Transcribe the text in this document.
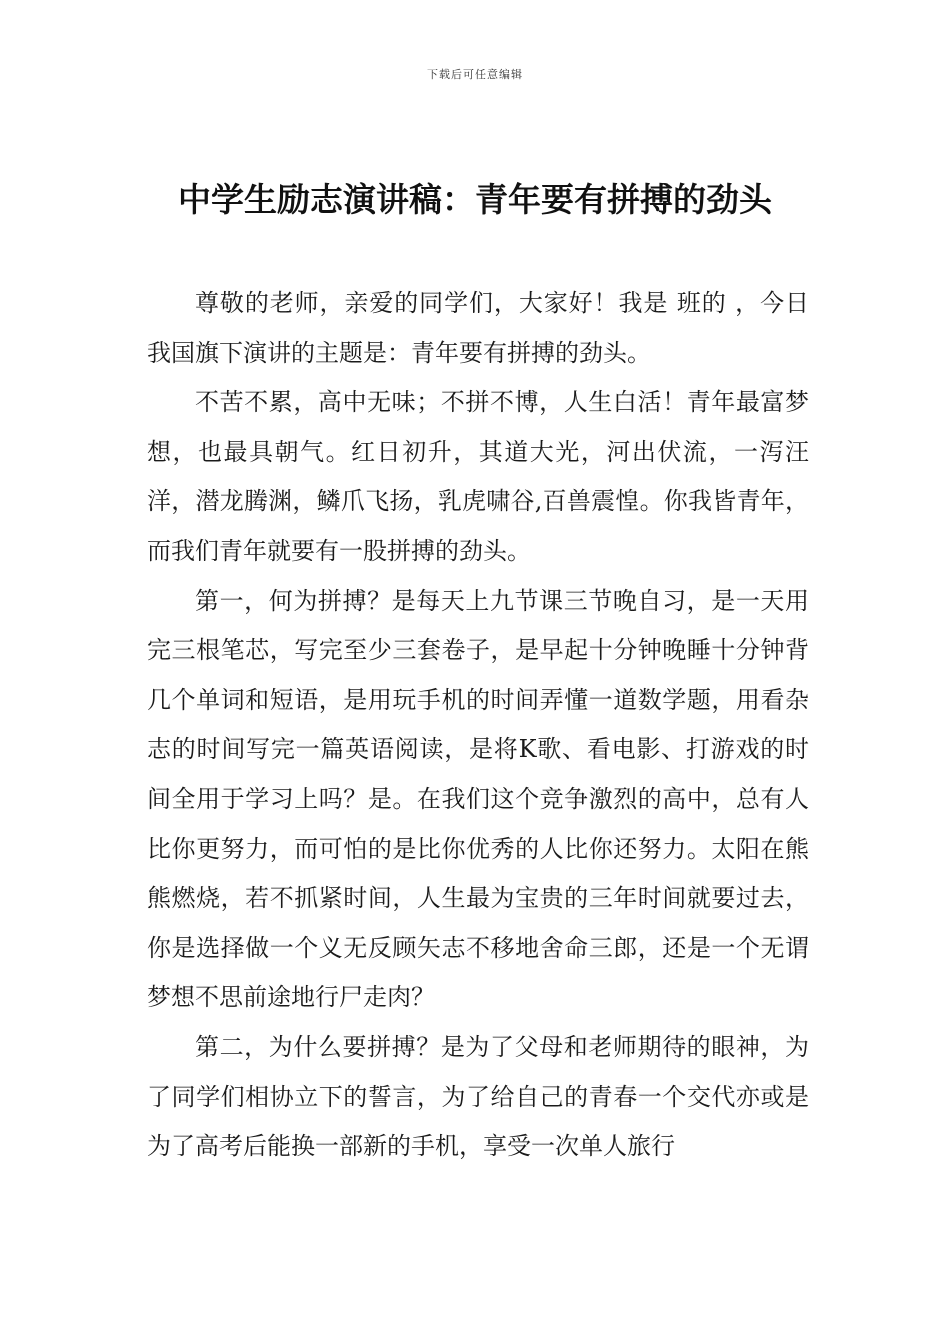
下载后可任意编辑
中学生励志演讲稿：青年要有拼搏的劲头

尊敬的老师，亲爱的同学们，大家好！我是 班的 ，今日我国旗下演讲的主题是：青年要有拼搏的劲头。

不苦不累，高中无味；不拼不博，人生白活！青年最富梦想，也最具朝气。红日初升，其道大光，河出伏流，一泻汪洋，潜龙腾渊，鳞爪飞扬，乳虎啸谷,百兽震惶。你我皆青年，而我们青年就要有一股拼搏的劲头。

第一，何为拼搏？是每天上九节课三节晚自习，是一天用完三根笔芯，写完至少三套卷子，是早起十分钟晚睡十分钟背几个单词和短语，是用玩手机的时间弄懂一道数学题，用看杂志的时间写完一篇英语阅读，是将K歌、看电影、打游戏的时间全用于学习上吗？是。在我们这个竞争激烈的高中，总有人比你更努力，而可怕的是比你优秀的人比你还努力。太阳在熊熊燃烧，若不抓紧时间，人生最为宝贵的三年时间就要过去，你是选择做一个义无反顾矢志不移地舍命三郎，还是一个无谓梦想不思前途地行尸走肉？

第二，为什么要拼搏？是为了父母和老师期待的眼神，为了同学们相协立下的誓言，为了给自己的青春一个交代亦或是为了高考后能换一部新的手机，享受一次单人旅行
